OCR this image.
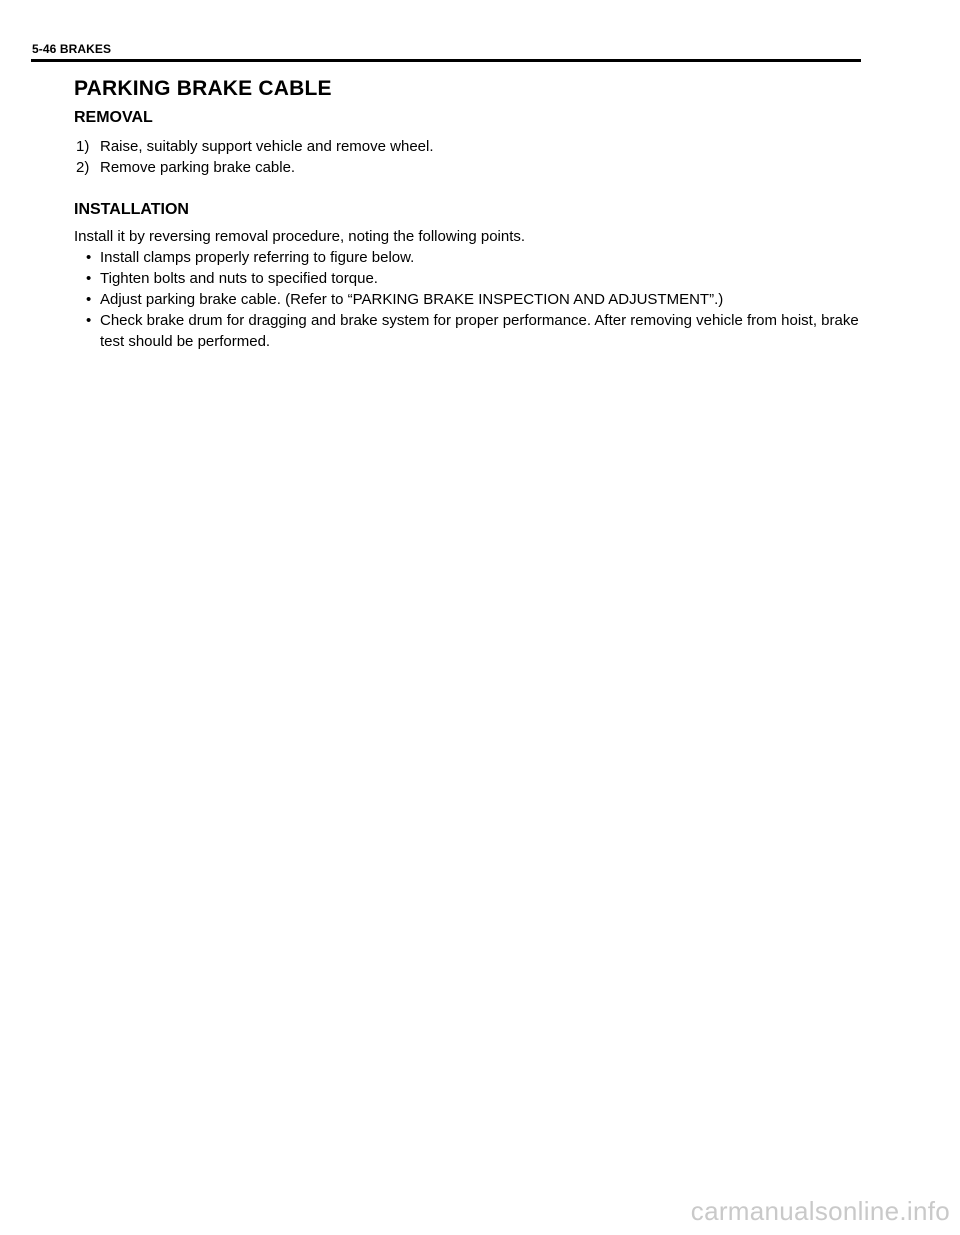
5-46 BRAKES
PARKING BRAKE CABLE
REMOVAL
1) Raise, suitably support vehicle and remove wheel.
2) Remove parking brake cable.
INSTALLATION

Install it by reversing removal procedure, noting the following points.

• Install clamps properly referring to figure below.
• Tighten bolts and nuts to specified torque.
• Adjust parking brake cable. (Refer to “PARKING BRAKE INSPECTION AND ADJUSTMENT”.)
• Check brake drum for dragging and brake system for proper performance. After removing vehicle from hoist, brake test should be performed.
carmanualsonline.info
